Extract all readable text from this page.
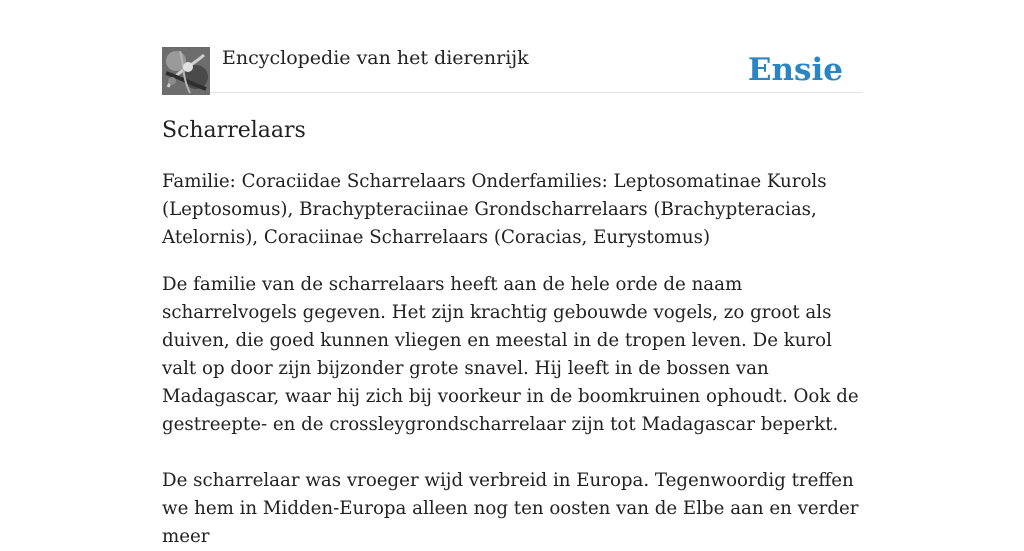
Encyclopedie van het dierenrijk	Ensie
Scharrelaars

Familie: Coraciidae Scharrelaars Onderfamilies: Leptosomatinae Kurols (Leptosomus), Brachypteraciinae Grondscharrelaars (Brachypteracias, Atelornis), Coraciinae Scharrelaars (Coracias, Eurystomus)

De familie van de scharrelaars heeft aan de hele orde de naam scharrelvogels gegeven. Het zijn krachtig gebouwde vogels, zo groot als duiven, die goed kunnen vliegen en meestal in de tropen leven. De kurol valt op door zijn bijzonder grote snavel. Hij leeft in de bossen van Madagascar, waar hij zich bij voorkeur in de boomkruinen ophoudt. Ook de gestreepte- en de crossleygrondscharrelaar zijn tot Madagascar beperkt.

De scharrelaar was vroeger wijd verbreid in Europa. Tegenwoordig treffen we hem in Midden-Europa alleen nog ten oosten van de Elbe aan en verder meer
